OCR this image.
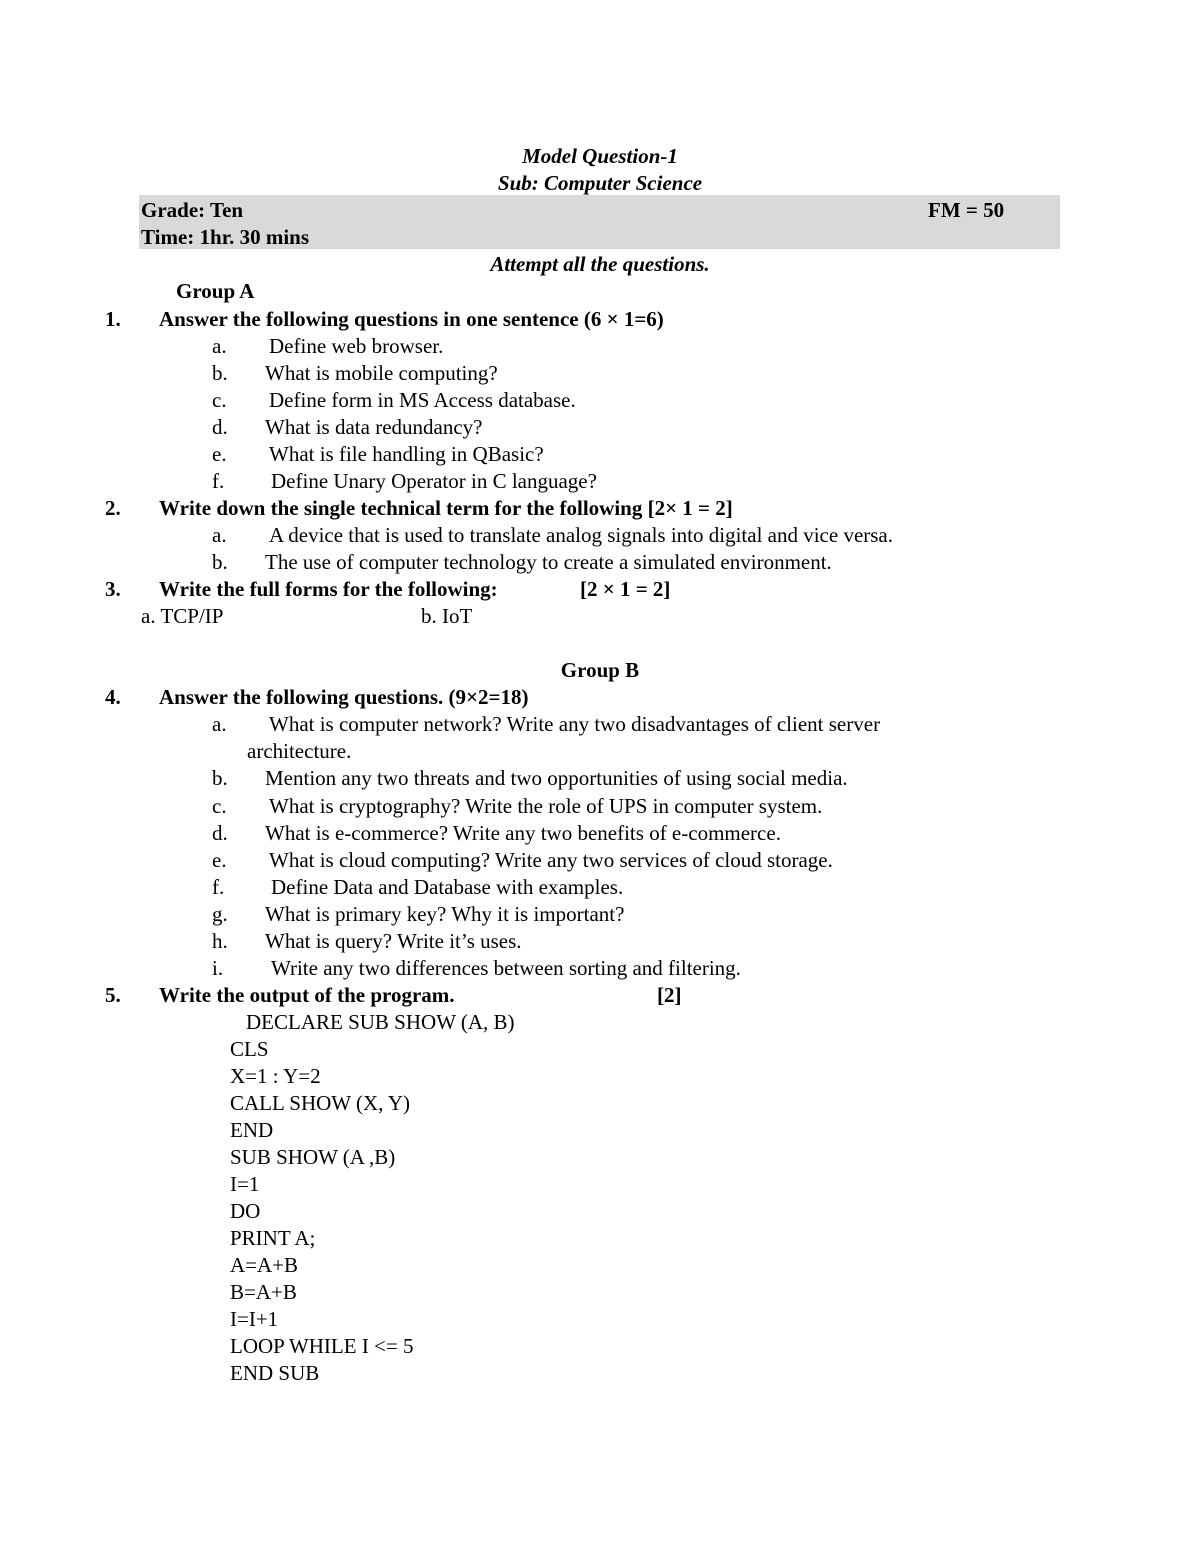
Model Question-1
Sub: Computer Science
Grade: Ten	FM = 50
Time: 1hr. 30 mins
Attempt all the questions.
Group A
1. Answer the following questions in one sentence (6 × 1=6)
a. Define web browser.
b. What is mobile computing?
c. Define form in MS Access database.
d. What is data redundancy?
e. What is file handling in QBasic?
f. Define Unary Operator in C language?
2. Write down the single technical term for the following [2× 1 = 2]
a. A device that is used to translate analog signals into digital and vice versa.
b. The use of computer technology to create a simulated environment.
3. Write the full forms for the following:	[2 × 1 = 2]
a. TCP/IP	b. IoT
Group B
4. Answer the following questions. (9×2=18)
a. What is computer network? Write any two disadvantages of client server
architecture.
b. Mention any two threats and two opportunities of using social media.
c. What is cryptography? Write the role of UPS in computer system.
d. What is e-commerce? Write any two benefits of e-commerce.
e. What is cloud computing? Write any two services of cloud storage.
f. Define Data and Database with examples.
g. What is primary key? Why it is important?
h. What is query? Write it’s uses.
i. Write any two differences between sorting and filtering.
5. Write the output of the program.	[2]
DECLARE SUB SHOW (A, B)
CLS
X=1 : Y=2
CALL SHOW (X, Y)
END
SUB SHOW (A ,B)
I=1
DO
PRINT A;
A=A+B
B=A+B
I=I+1
LOOP WHILE I <= 5
END SUB
